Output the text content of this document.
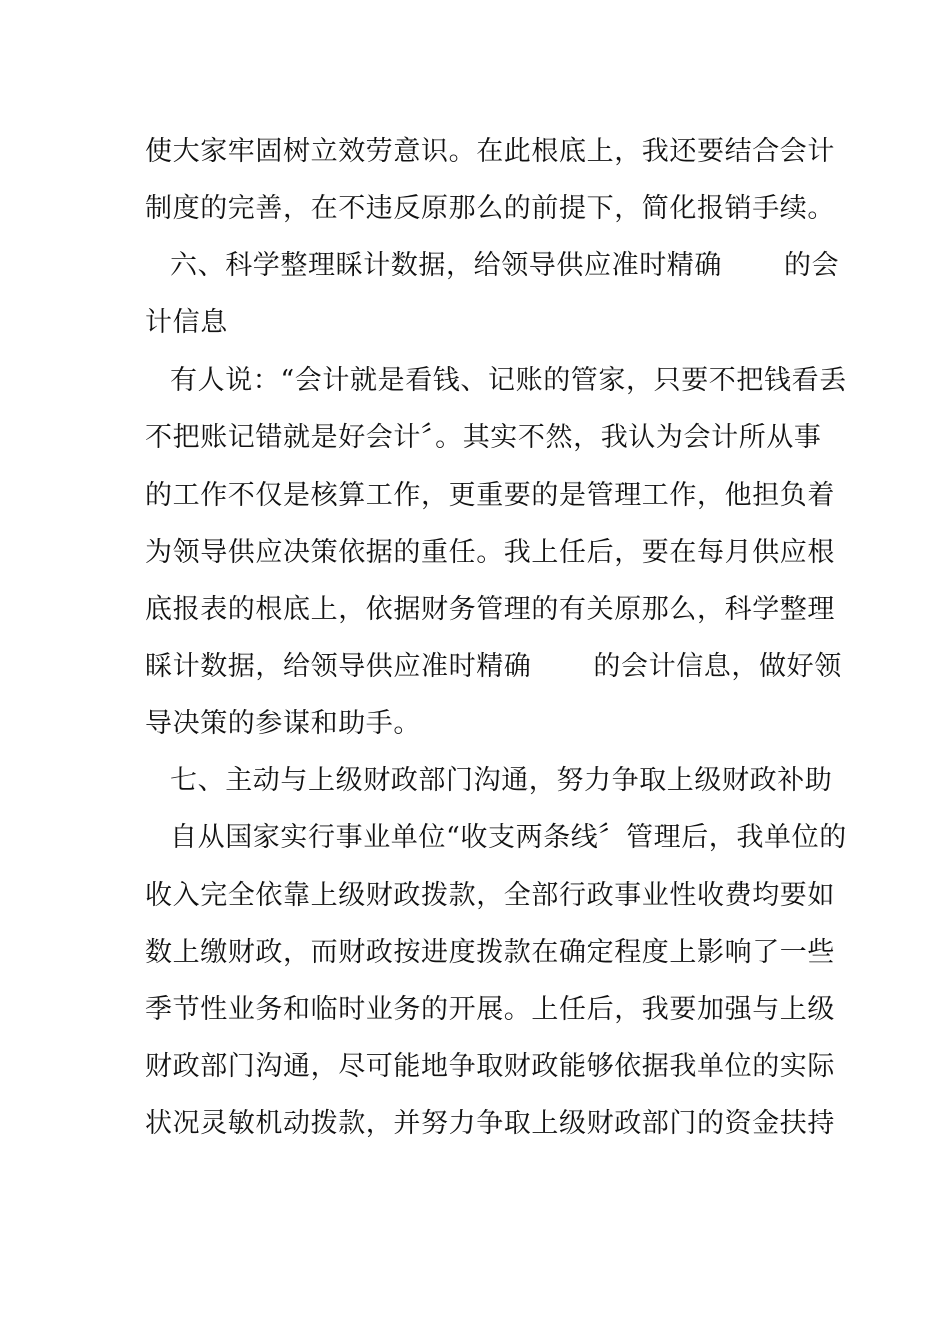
使大家牢固树立效劳意识。在此根底上，我还要结合会计
制度的完善，在不违反原那么的前提下，简化报销手续。
六、科学整理睬计数据，给领导供应准时精确 的会
计信息
有人说：“会计就是看钱、记账的管家，只要不把钱看丢
不把账记错就是好会计〞。其实不然，我认为会计所从事
的工作不仅是核算工作，更重要的是管理工作，他担负着
为领导供应决策依据的重任。我上任后，要在每月供应根
底报表的根底上，依据财务管理的有关原那么，科学整理
睬计数据，给领导供应准时精确 的会计信息，做好领
导决策的参谋和助手。
七、主动与上级财政部门沟通，努力争取上级财政补助
自从国家实行事业单位“收支两条线〞管理后，我单位的
收入完全依靠上级财政拨款，全部行政事业性收费均要如
数上缴财政，而财政按进度拨款在确定程度上影响了一些
季节性业务和临时业务的开展。上任后，我要加强与上级
财政部门沟通，尽可能地争取财政能够依据我单位的实际
状况灵敏机动拨款，并努力争取上级财政部门的资金扶持
